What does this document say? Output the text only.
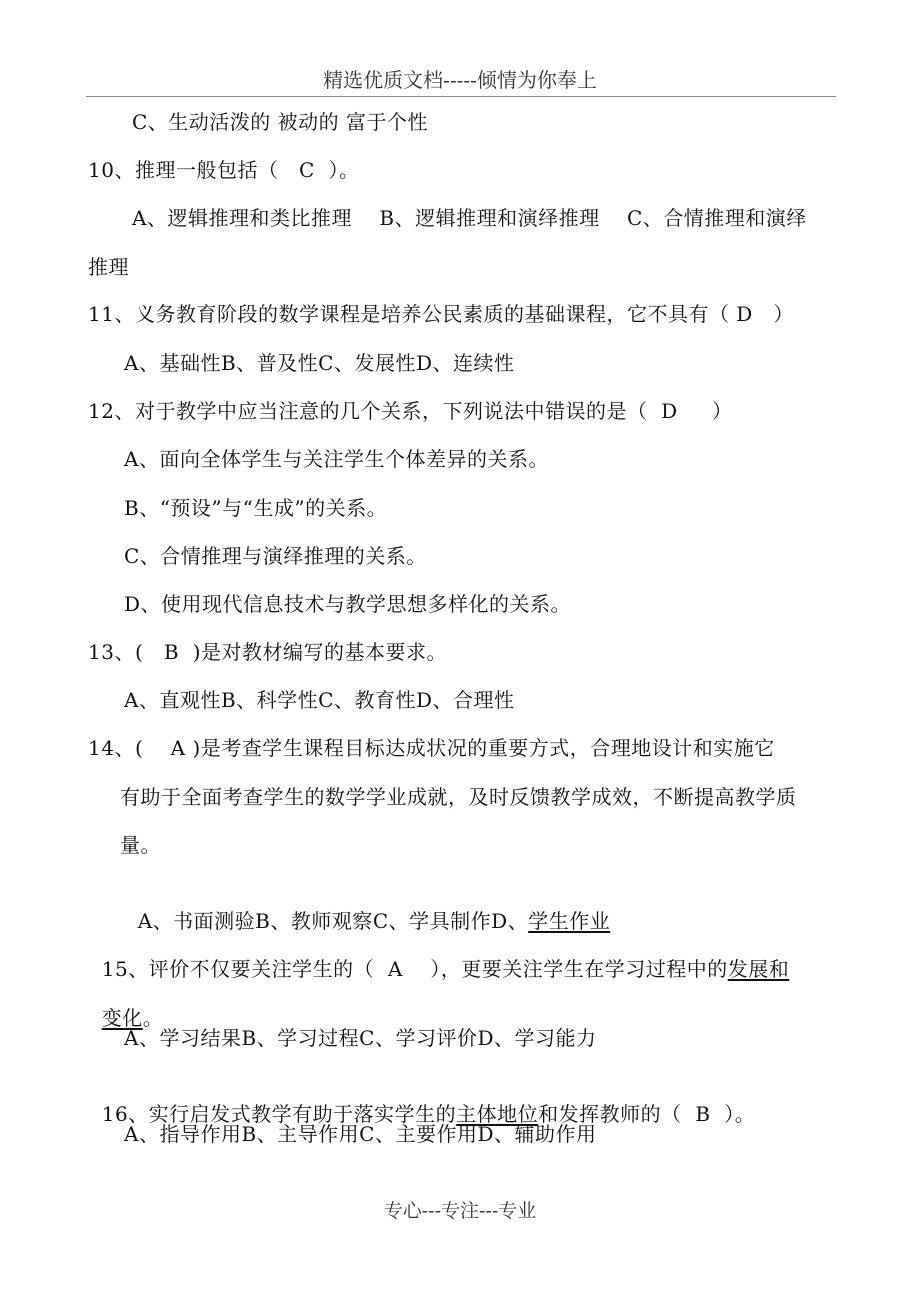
精选优质文档-----倾情为你奉上
C、生动活泼的 被动的 富于个性
10、推理一般包括（   C  ）。
A、逻辑推理和类比推理    B、逻辑推理和演绎推理    C、合情推理和演绎
推理
11、义务教育阶段的数学课程是培养公民素质的基础课程，它不具有（ D   ）
A、基础性B、普及性C、发展性D、连续性
12、对于教学中应当注意的几个关系，下列说法中错误的是（  D     ）
A、面向全体学生与关注学生个体差异的关系。
B、“预设”与“生成”的关系。
C、合情推理与演绎推理的关系。
D、使用现代信息技术与教学思想多样化的关系。
13、(   B  )是对教材编写的基本要求。
A、直观性B、科学性C、教育性D、合理性
14、(    A )是考查学生课程目标达成状况的重要方式，合理地设计和实施它
有助于全面考查学生的数学学业成就，及时反馈教学成效，不断提高教学质
量。

A、书面测验B、教师观察C、学具制作D、学生作业

15、评价不仅要关注学生的（  A    ），更要关注学生在学习过程中的发展和

变化。

A、学习结果B、学习过程C、学习评价D、学习能力

16、实行启发式教学有助于落实学生的主体地位和发挥教师的（  B  ）。

A、指导作用B、主导作用C、主要作用D、辅助作用
专心---专注---专业
